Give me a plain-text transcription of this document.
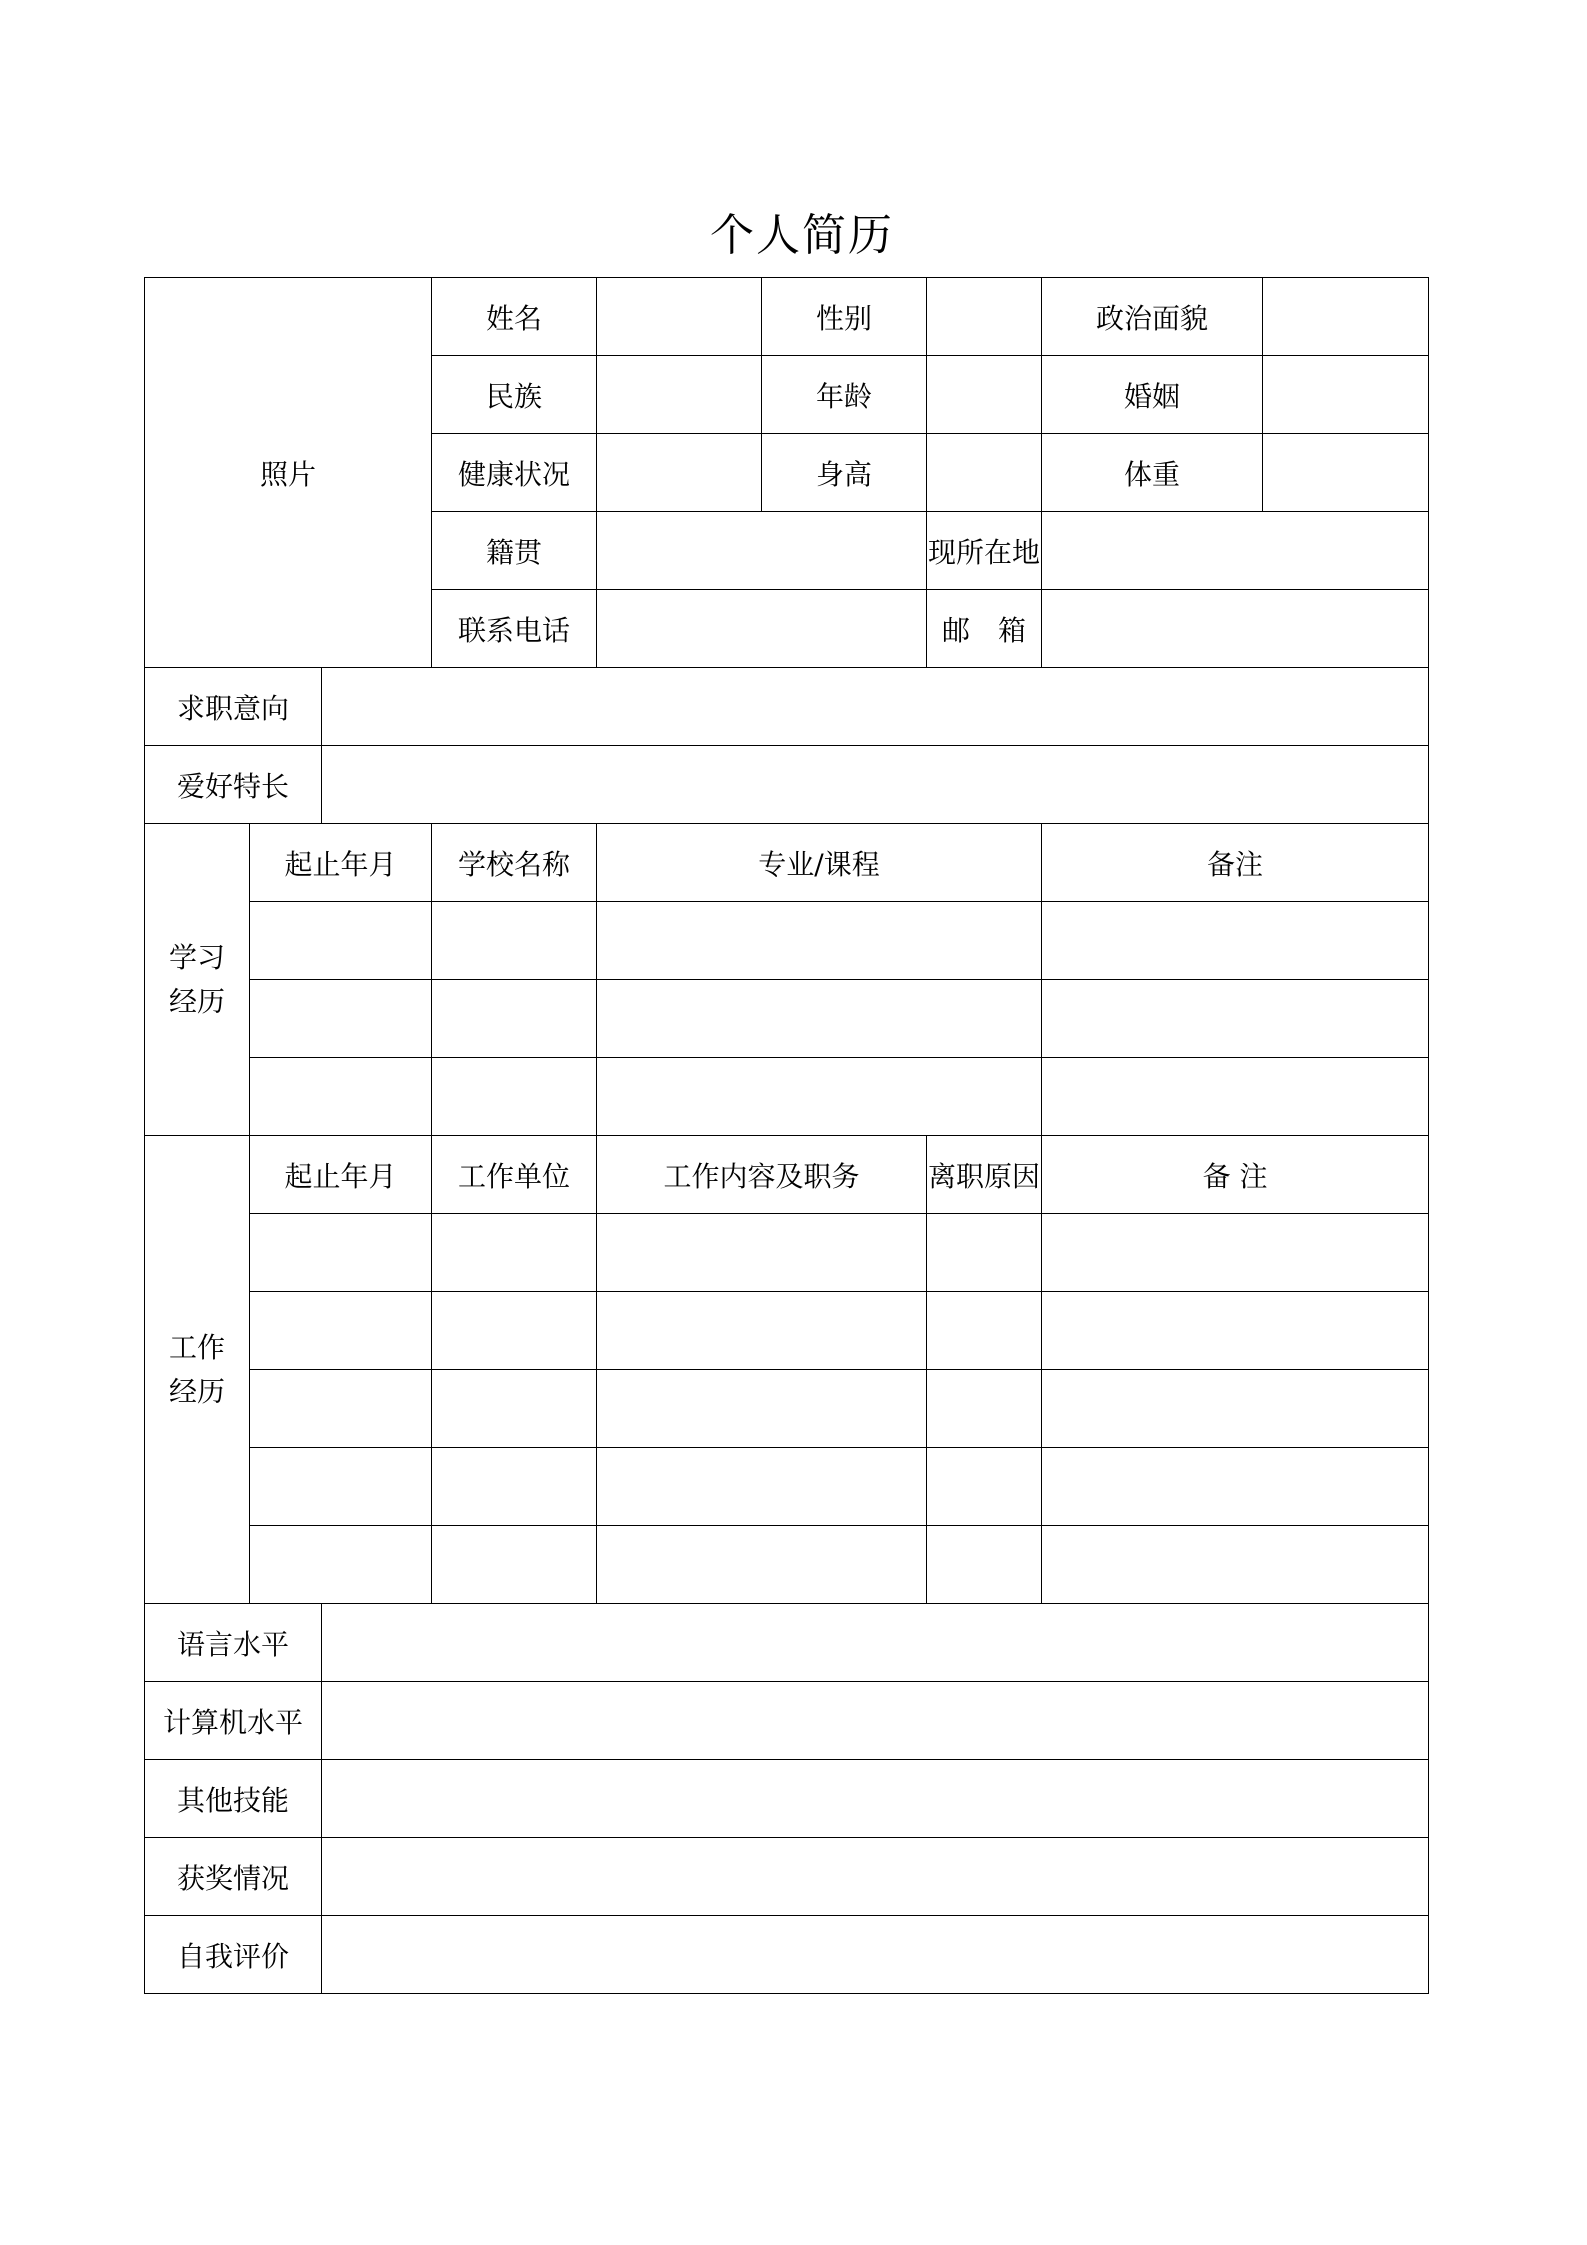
个人简历
照片			姓名		性别		政治面貌	
			民族		年龄		婚姻	
			健康状况		身高		体重	
			籍贯			现所在地		
			联系电话			邮　箱		
求职意向								
爱好特长								
学习
经历	起止年月		学校名称	专业/课程			备注	

工作
经历	起止年月		工作单位	工作内容及职务		离职原因	备 注	

语言水平								
计算机水平								
其他技能								
获奖情况								
自我评价								
